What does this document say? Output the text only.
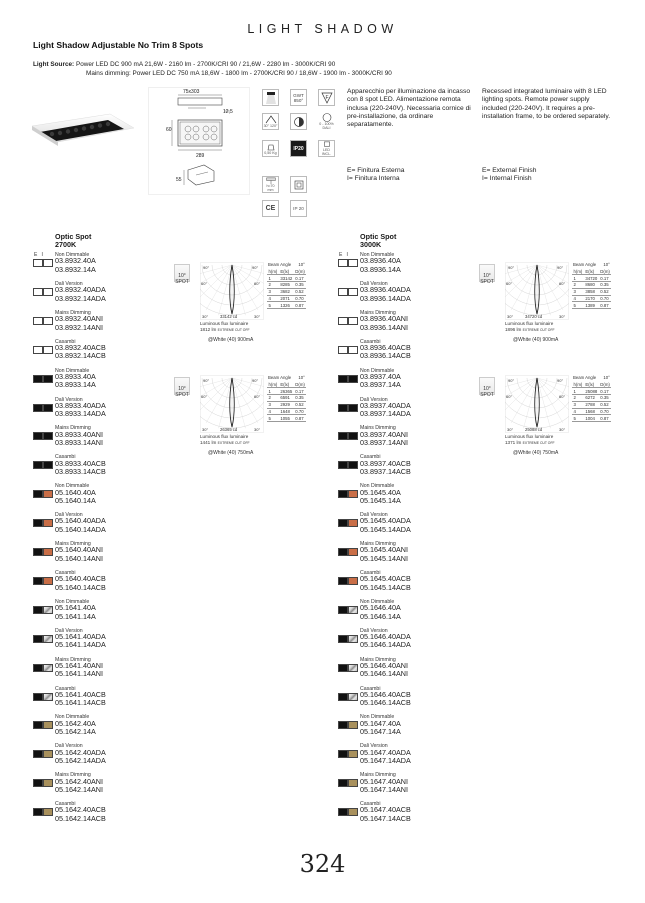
LIGHT SHADOW
Light Shadow Adjustable No Trim 8 Spots
Light Source: Power LED DC 900 mA 21,6W - 2160 lm - 2700K/CRI 90 / 21,6W - 2280 lm - 3000K/CRI 90
Mains dimming: Power LED DC 750 mA 18,6W - 1800 lm - 2700K/CRI 90 / 18,6W - 1900 lm - 3000K/CRI 90
75x303
12,5
60
289
55
GWT
850°	F
30° 120°	0 - 100% DALI
0,50 Kg
IP20	LED INCL.
h=70 mm
CE	IP 20
Apparecchio per illuminazione da incasso con 8 spot LED. Alimentazione remota inclusa (220-240V). Necessaria cornice di pre-installazione, da ordinare separatamente.
Recessed integrated luminaire with 8 LED lighting spots. Remote power supply included (220-240V). It requires a pre-installation frame, to be ordered separately.
E= Finitura Esterna
I= Finitura Interna
E= External Finish
I= Internal Finish
Optic Spot
2700K
E   I Non Dimmable
03.8932.40A
03.8932.14A
Dali Version
03.8932.40ADA
03.8932.14ADA
Mains Dimming
03.8932.40ANI
03.8932.14ANI
Casambi
03.8932.40ACB
03.8932.14ACB
Non Dimmable
03.8933.40A
03.8933.14A
Dali Version
03.8933.40ADA
03.8933.14ADA
Mains Dimming
03.8933.40ANI
03.8933.14ANI
Casambi
03.8933.40ACB
03.8933.14ACB
Non Dimmable
05.1640.40A
05.1640.14A
Dali Version
05.1640.40ADA
05.1640.14ADA
Mains Dimming
05.1640.40ANI
05.1640.14ANI
Casambi
05.1640.40ACB
05.1640.14ACB
Non Dimmable
05.1641.40A
05.1641.14A
Dali Version
05.1641.40ADA
05.1641.14ADA
Mains Dimming
05.1641.40ANI
05.1641.14ANI
Casambi
05.1641.40ACB
05.1641.14ACB
Non Dimmable
05.1642.40A
05.1642.14A
Dali Version
05.1642.40ADA
05.1642.14ADA
Mains Dimming
05.1642.40ANI
05.1642.14ANI
Casambi
05.1642.40ACB
05.1642.14ACB
Optic Spot
3000K
E   I Non Dimmable
03.8936.40A
03.8936.14A
Dali Version
03.8936.40ADA
03.8936.14ADA
Mains Dimming
03.8936.40ANI
03.8936.14ANI
Casambi
03.8936.40ACB
03.8936.14ACB
Non Dimmable
03.8937.40A
03.8937.14A
Dali Version
03.8937.40ADA
03.8937.14ADA
Mains Dimming
03.8937.40ANI
03.8937.14ANI
Casambi
03.8937.40ACB
03.8937.14ACB
Non Dimmable
05.1645.40A
05.1645.14A
Dali Version
05.1645.40ADA
05.1645.14ADA
Mains Dimming
05.1645.40ANI
05.1645.14ANI
Casambi
05.1645.40ACB
05.1645.14ACB
Non Dimmable
05.1646.40A
05.1646.14A
Dali Version
05.1646.40ADA
05.1646.14ADA
Mains Dimming
05.1646.40ANI
05.1646.14ANI
Casambi
05.1646.40ACB
05.1646.14ACB
Non Dimmable
05.1647.40A
05.1647.14A
Dali Version
05.1647.40ADA
05.1647.14ADA
Mains Dimming
05.1647.40ANI
05.1647.14ANI
Casambi
05.1647.40ACB
05.1647.14ACB
10°
SPOT
90°	90°
60°	60°
30°	30°
33142 cd
Luminous flux luminaire
1812 lm EXTREME CUT OFF
@White (40) 900mA
Beam Angle 10°
h(m)	E(lx)	D(m)
1	33142	0.17
2	8285	0.35
3	3682	0.52
4	2071	0.70
5	1326	0.87
10°
SPOT
90°	90°
60°	60°
30°	30°
26365 cd
Luminous flux luminaire
1441 lm EXTREME CUT OFF
@White (40) 750mA
Beam Angle 10°
h(m)	E(lx)	D(m)
1	26365	0.17
2	6591	0.35
3	2929	0.52
4	1648	0.70
5	1055	0.87
10°
SPOT
90°	90°
60°	60°
30°	30°
34720 cd
Luminous flux luminaire
1896 lm EXTREME CUT OFF
@White (40) 900mA
Beam Angle 10°
h(m)	E(lx)	D(m)
1	34720	0.17
2	8680	0.35
3	3858	0.52
4	2170	0.70
5	1389	0.87
10°
SPOT
90°	90°
60°	60°
30°	30°
25088 cd
Luminous flux luminaire
1371 lm EXTREME CUT OFF
@White (40) 750mA
Beam Angle 10°
h(m)	E(lx)	D(m)
1	25088	0.17
2	6272	0.35
3	2788	0.52
4	1568	0.70
5	1004	0.87
324
